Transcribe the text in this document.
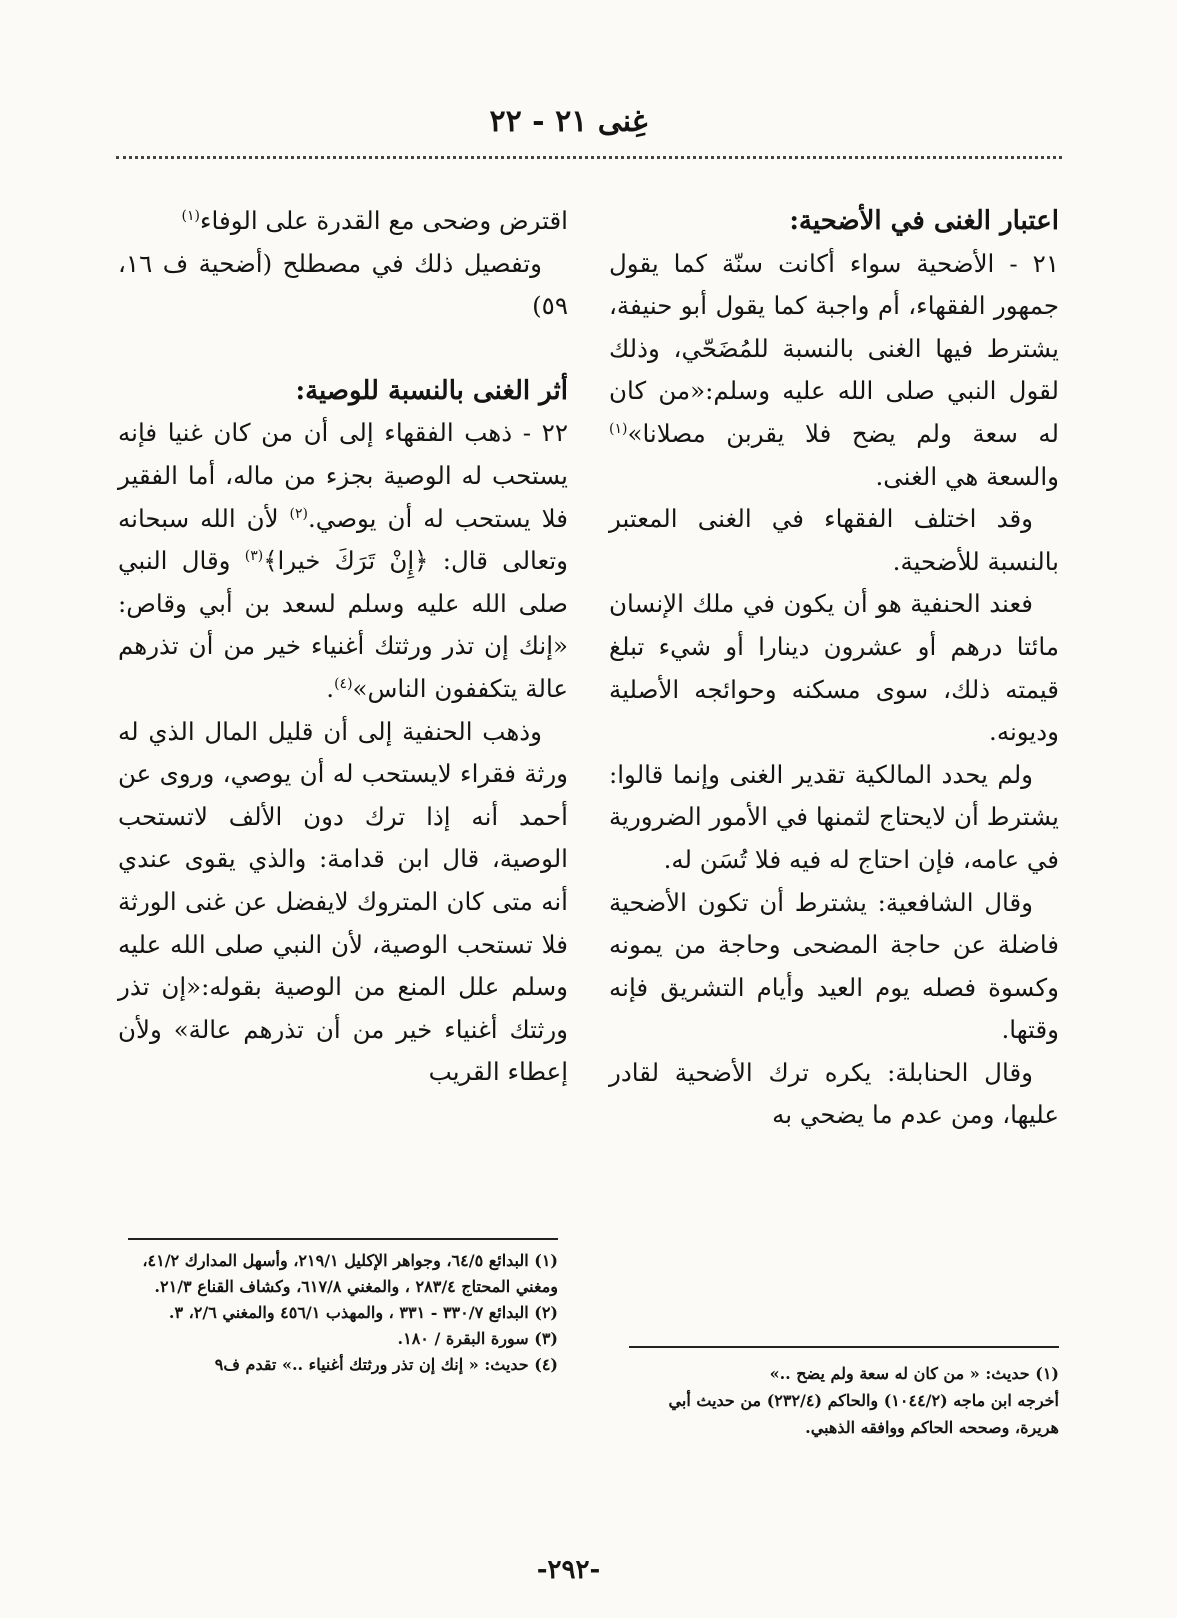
غِنى ٢١ - ٢٢
اعتبار الغنى في الأضحية:

٢١ - الأضحية سواء أكانت سنّة كما يقول جمهور الفقهاء، أم واجبة كما يقول أبو حنيفة، يشترط فيها الغنى بالنسبة للمُضَحّي، وذلك لقول النبي صلى الله عليه وسلم:«من كان له سعة ولم يضح فلا يقربن مصلانا»$^{(١)}$ والسعة هي الغنى.

وقد اختلف الفقهاء في الغنى المعتبر بالنسبة للأضحية.

فعند الحنفية هو أن يكون في ملك الإنسان مائتا درهم أو عشرون دينارا أو شيء تبلغ قيمته ذلك، سوى مسكنه وحوائجه الأصلية وديونه.

ولم يحدد المالكية تقدير الغنى وإنما قالوا: يشترط أن لايحتاج لثمنها في الأمور الضرورية في عامه، فإن احتاج له فيه فلا تُسَن له.

وقال الشافعية: يشترط أن تكون الأضحية فاضلة عن حاجة المضحى وحاجة من يمونه وكسوة فصله يوم العيد وأيام التشريق فإنه وقتها.

وقال الحنابلة: يكره ترك الأضحية لقادر عليها، ومن عدم ما يضحي به

اقترض وضحى مع القدرة على الوفاء$^{(١)}$

وتفصيل ذلك في مصطلح (أضحية ف ١٦، ٥٩)

أثر الغنى بالنسبة للوصية:

٢٢ - ذهب الفقهاء إلى أن من كان غنيا فإنه يستحب له الوصية بجزء من ماله، أما الفقير فلا يستحب له أن يوصي.$^{(٢)}$ لأن الله سبحانه وتعالى قال: ﴿إِنْ تَرَكَ خيرا﴾$^{(٣)}$ وقال النبي صلى الله عليه وسلم لسعد بن أبي وقاص: «إنك إن تذر ورثتك أغنياء خير من أن تذرهم عالة يتكففون الناس»$^{(٤)}$.

وذهب الحنفية إلى أن قليل المال الذي له ورثة فقراء لايستحب له أن يوصي، وروى عن أحمد أنه إذا ترك دون الألف لاتستحب الوصية، قال ابن قدامة: والذي يقوى عندي أنه متى كان المتروك لايفضل عن غنى الورثة فلا تستحب الوصية، لأن النبي صلى الله عليه وسلم علل المنع من الوصية بقوله:«إن تذر ورثتك أغنياء خير من أن تذرهم عالة» ولأن إعطاء القريب

(١) حديث: « من كان له سعة ولم يضح ..»

أخرجه ابن ماجه (١٠٤٤/٢) والحاكم (٢٣٢/٤) من حديث أبي هريرة، وصححه الحاكم ووافقه الذهبي.

(١) البدائع ٦٤/٥، وجواهر الإكليل ٢١٩/١، وأسهل المدارك ٤١/٢، ومغني المحتاج ٢٨٣/٤ ، والمغني ٦١٧/٨، وكشاف القناع ٢١/٣.

(٢) البدائع ٣٣٠/٧ - ٣٣١ ، والمهذب ٤٥٦/١ والمغني ٢/٦، ٣.

(٣) سورة البقرة / ١٨٠.

(٤) حديث: « إنك إن تذر ورثتك أغنياء ..» تقدم ف٩

-٢٩٢-
